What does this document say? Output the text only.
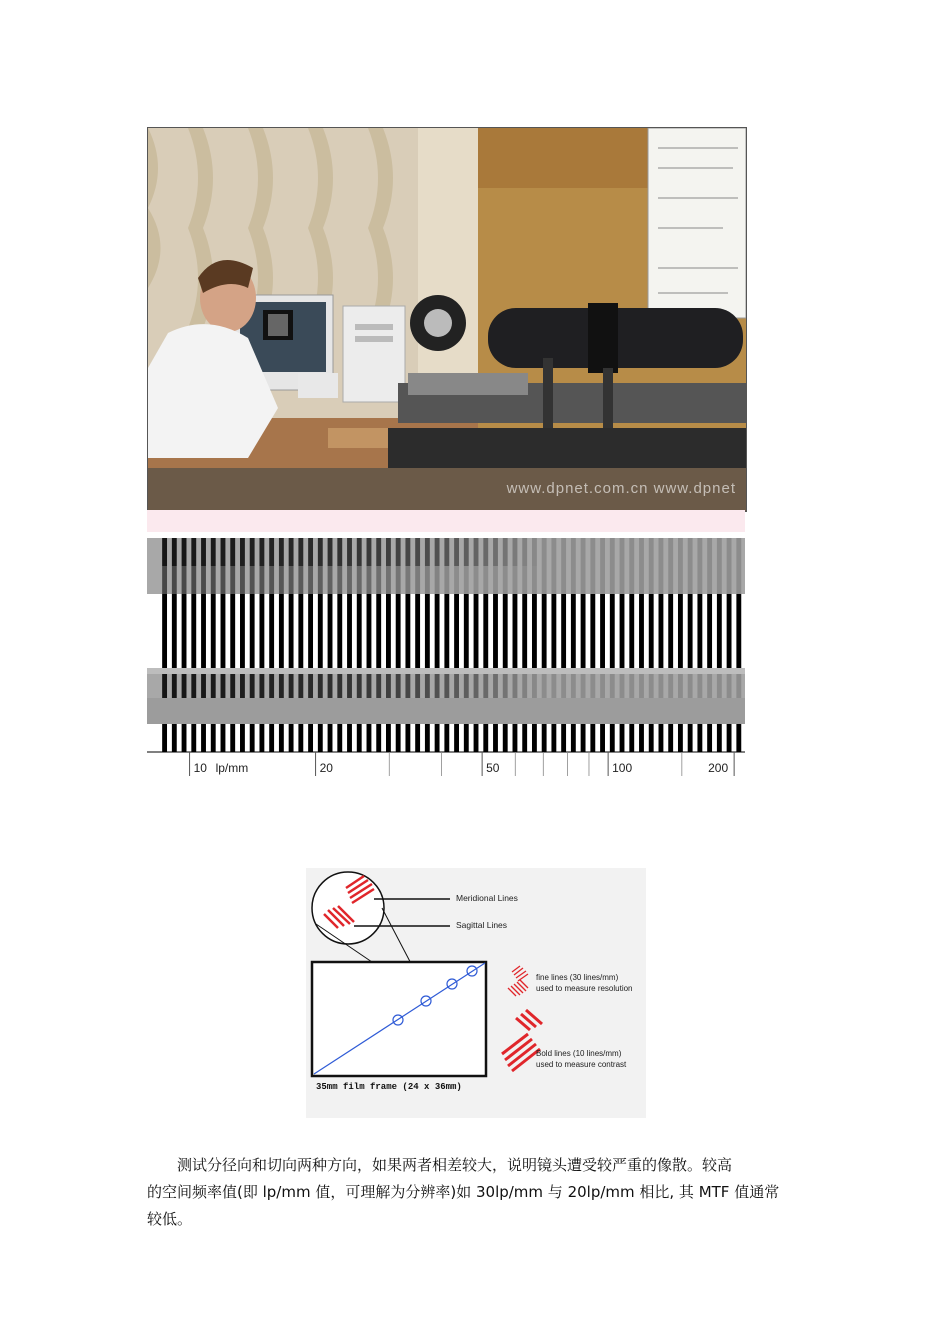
www.dpnet.com.cn www.dpnet
10	20	50	100	200
lp/mm
Meridional Lines
Sagittal Lines
fine lines (30 lines/mm)
used to measure resolution
Bold lines (10 lines/mm)
used to measure contrast
35mm film frame (24 x 36mm)
测试分径向和切向两种方向，如果两者相差较大，说明镜头遭受较严重的像散。较高
的空间频率值(即 lp/mm 值，可理解为分辨率)如 30lp/mm 与 20lp/mm 相比, 其 MTF 值通常
较低。
